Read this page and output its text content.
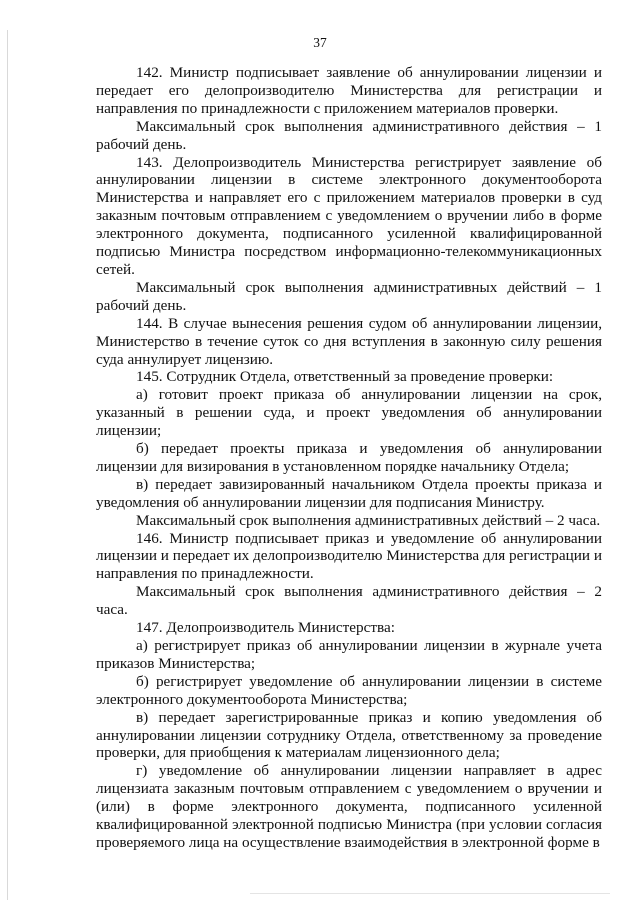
37

142. Министр подписывает заявление об аннулировании лицензии и передает его делопроизводителю Министерства для регистрации и направления по принадлежности с приложением материалов проверки.

Максимальный срок выполнения административного действия – 1 рабочий день.

143. Делопроизводитель Министерства регистрирует заявление об аннулировании лицензии в системе электронного документооборота Министерства и направляет его с приложением материалов проверки в суд заказным почтовым отправлением с уведомлением о вручении либо в форме электронного документа, подписанного усиленной квалифицированной подписью Министра посредством информационно-телекоммуникационных сетей.

Максимальный срок выполнения административных действий – 1 рабочий день.

144. В случае вынесения решения судом об аннулировании лицензии, Министерство в течение суток со дня вступления в законную силу решения суда аннулирует лицензию.

145. Сотрудник Отдела, ответственный за проведение проверки:

а) готовит проект приказа об аннулировании лицензии на срок, указанный в решении суда, и проект уведомления об аннулировании лицензии;

б) передает проекты приказа и уведомления об аннулировании лицензии для визирования в установленном порядке начальнику Отдела;

в) передает завизированный начальником Отдела проекты приказа и уведомления об аннулировании лицензии для подписания Министру.

Максимальный срок выполнения административных действий – 2 часа.

146. Министр подписывает приказ и уведомление об аннулировании лицензии и передает их делопроизводителю Министерства для регистрации и направления по принадлежности.

Максимальный срок выполнения административного действия – 2 часа.

147. Делопроизводитель Министерства:

а) регистрирует приказ об аннулировании лицензии в журнале учета приказов Министерства;

б) регистрирует уведомление об аннулировании лицензии в системе электронного документооборота Министерства;

в) передает зарегистрированные приказ и копию уведомления об аннулировании лицензии сотруднику Отдела, ответственному за проведение проверки, для приобщения к материалам лицензионного дела;

г) уведомление об аннулировании лицензии направляет в адрес лицензиата заказным почтовым отправлением с уведомлением о вручении и (или) в форме электронного документа, подписанного усиленной квалифицированной электронной подписью Министра (при условии согласия проверяемого лица на осуществление взаимодействия в электронной форме в
